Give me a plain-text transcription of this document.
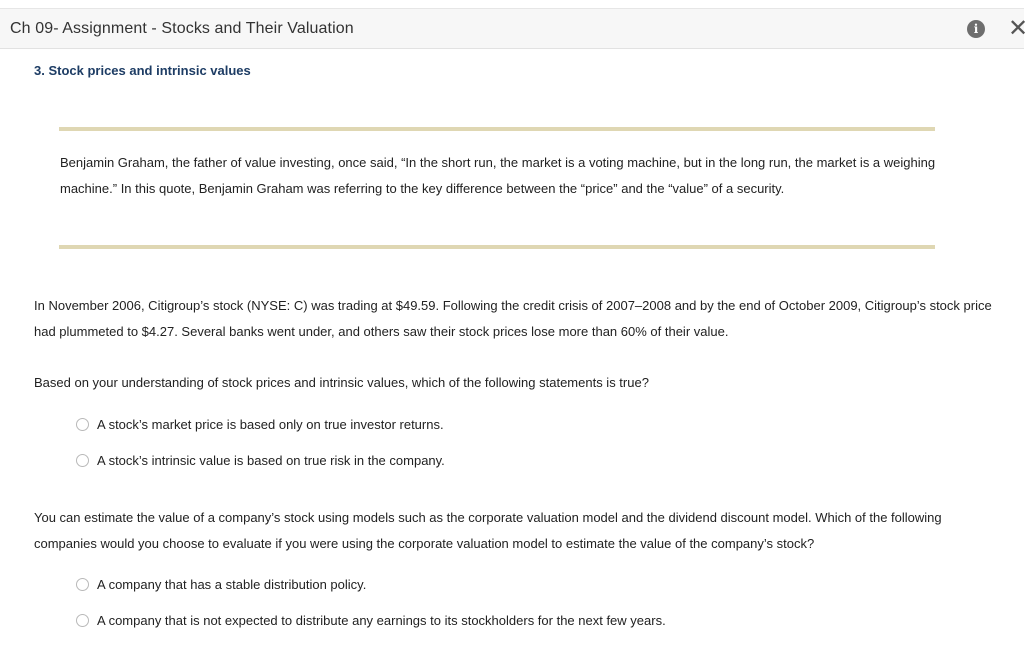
Ch 09- Assignment - Stocks and Their Valuation	i ✕
3. Stock prices and intrinsic values
Benjamin Graham, the father of value investing, once said, “In the short run, the market is a voting machine, but in the long run, the market is a weighing machine.” In this quote, Benjamin Graham was referring to the key difference between the “price” and the “value” of a security.
In November 2006, Citigroup’s stock (NYSE: C) was trading at $49.59. Following the credit crisis of 2007–2008 and by the end of October 2009, Citigroup’s stock price had plummeted to $4.27. Several banks went under, and others saw their stock prices lose more than 60% of their value.
Based on your understanding of stock prices and intrinsic values, which of the following statements is true?
A stock’s market price is based only on true investor returns.
A stock’s intrinsic value is based on true risk in the company.
You can estimate the value of a company’s stock using models such as the corporate valuation model and the dividend discount model. Which of the following companies would you choose to evaluate if you were using the corporate valuation model to estimate the value of the company’s stock?
A company that has a stable distribution policy.
A company that is not expected to distribute any earnings to its stockholders for the next few years.
